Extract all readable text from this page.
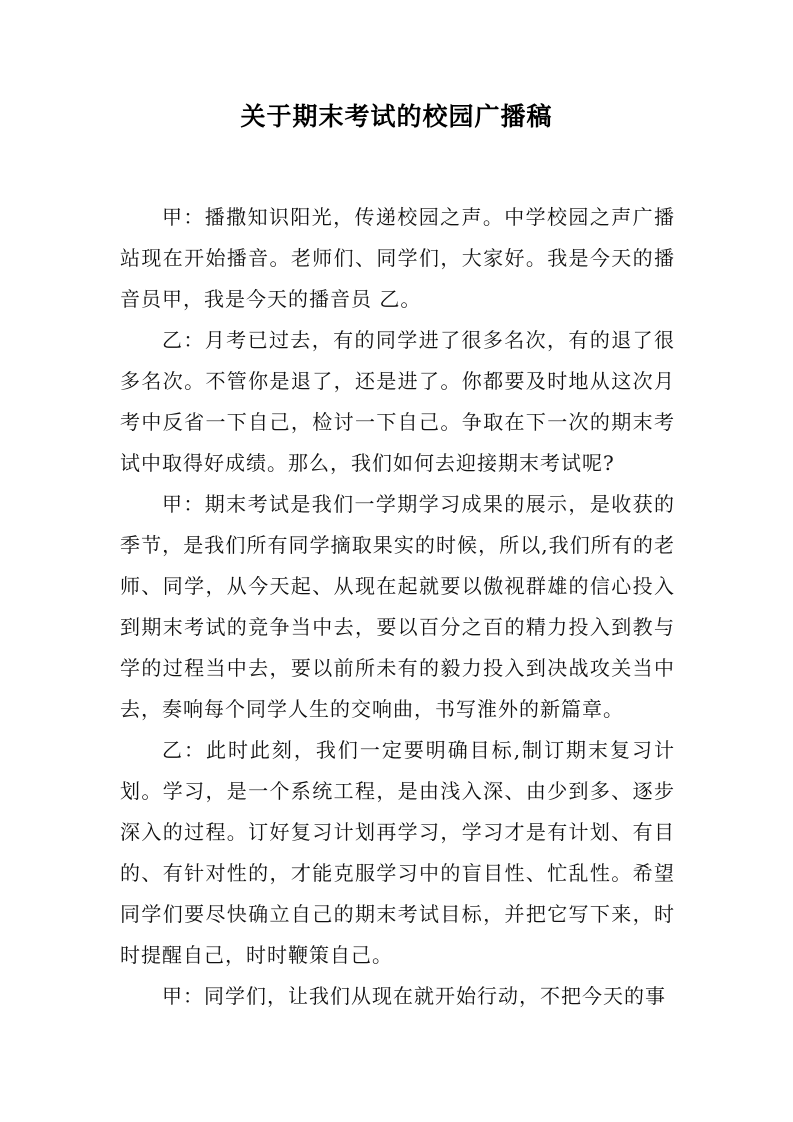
关于期末考试的校园广播稿

甲：播撒知识阳光，传递校园之声。中学校园之声广播站现在开始播音。老师们、同学们，大家好。我是今天的播音员甲，我是今天的播音员 乙。

乙：月考已过去，有的同学进了很多名次，有的退了很多名次。不管你是退了，还是进了。你都要及时地从这次月考中反省一下自己，检讨一下自己。争取在下一次的期末考试中取得好成绩。那么，我们如何去迎接期末考试呢?

甲：期末考试是我们一学期学习成果的展示，是收获的季节，是我们所有同学摘取果实的时候，所以,我们所有的老师、同学，从今天起、从现在起就要以傲视群雄的信心投入到期末考试的竞争当中去，要以百分之百的精力投入到教与学的过程当中去，要以前所未有的毅力投入到决战攻关当中去，奏响每个同学人生的交响曲，书写淮外的新篇章。

乙：此时此刻，我们一定要明确目标,制订期末复习计划。学习，是一个系统工程，是由浅入深、由少到多、逐步深入的过程。订好复习计划再学习，学习才是有计划、有目的、有针对性的，才能克服学习中的盲目性、忙乱性。希望同学们要尽快确立自己的期末考试目标，并把它写下来，时时提醒自己，时时鞭策自己。

甲：同学们，让我们从现在就开始行动，不把今天的事
